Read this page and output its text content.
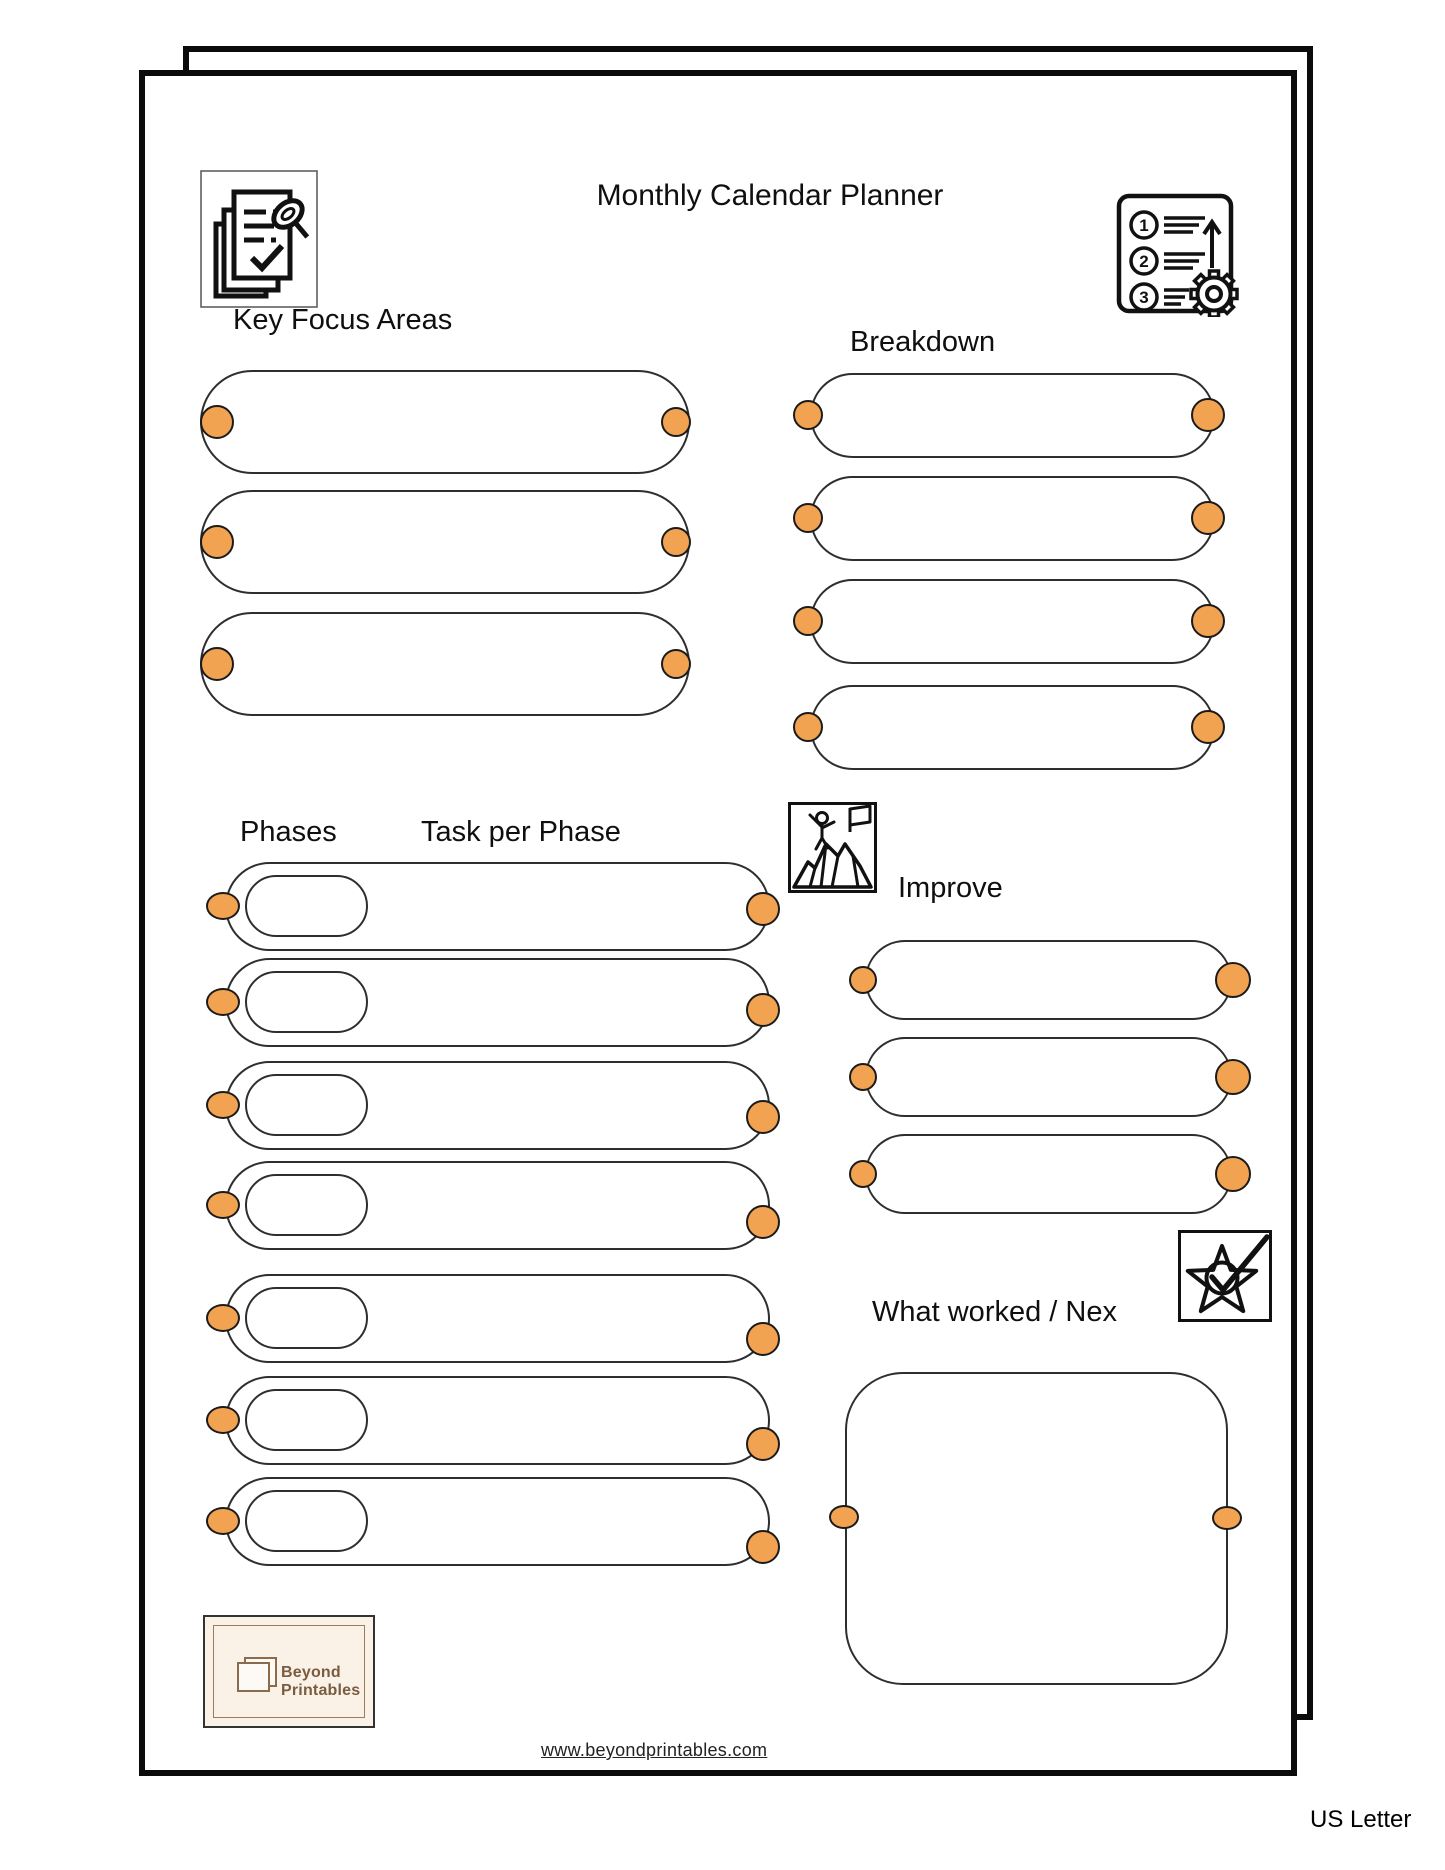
Monthly Calendar Planner
1
2
3
Key Focus Areas
Breakdown
Phases	Task per Phase
Improve
What worked / Nex
Beyond
Printables
www.beyondprintables.com
US Letter
